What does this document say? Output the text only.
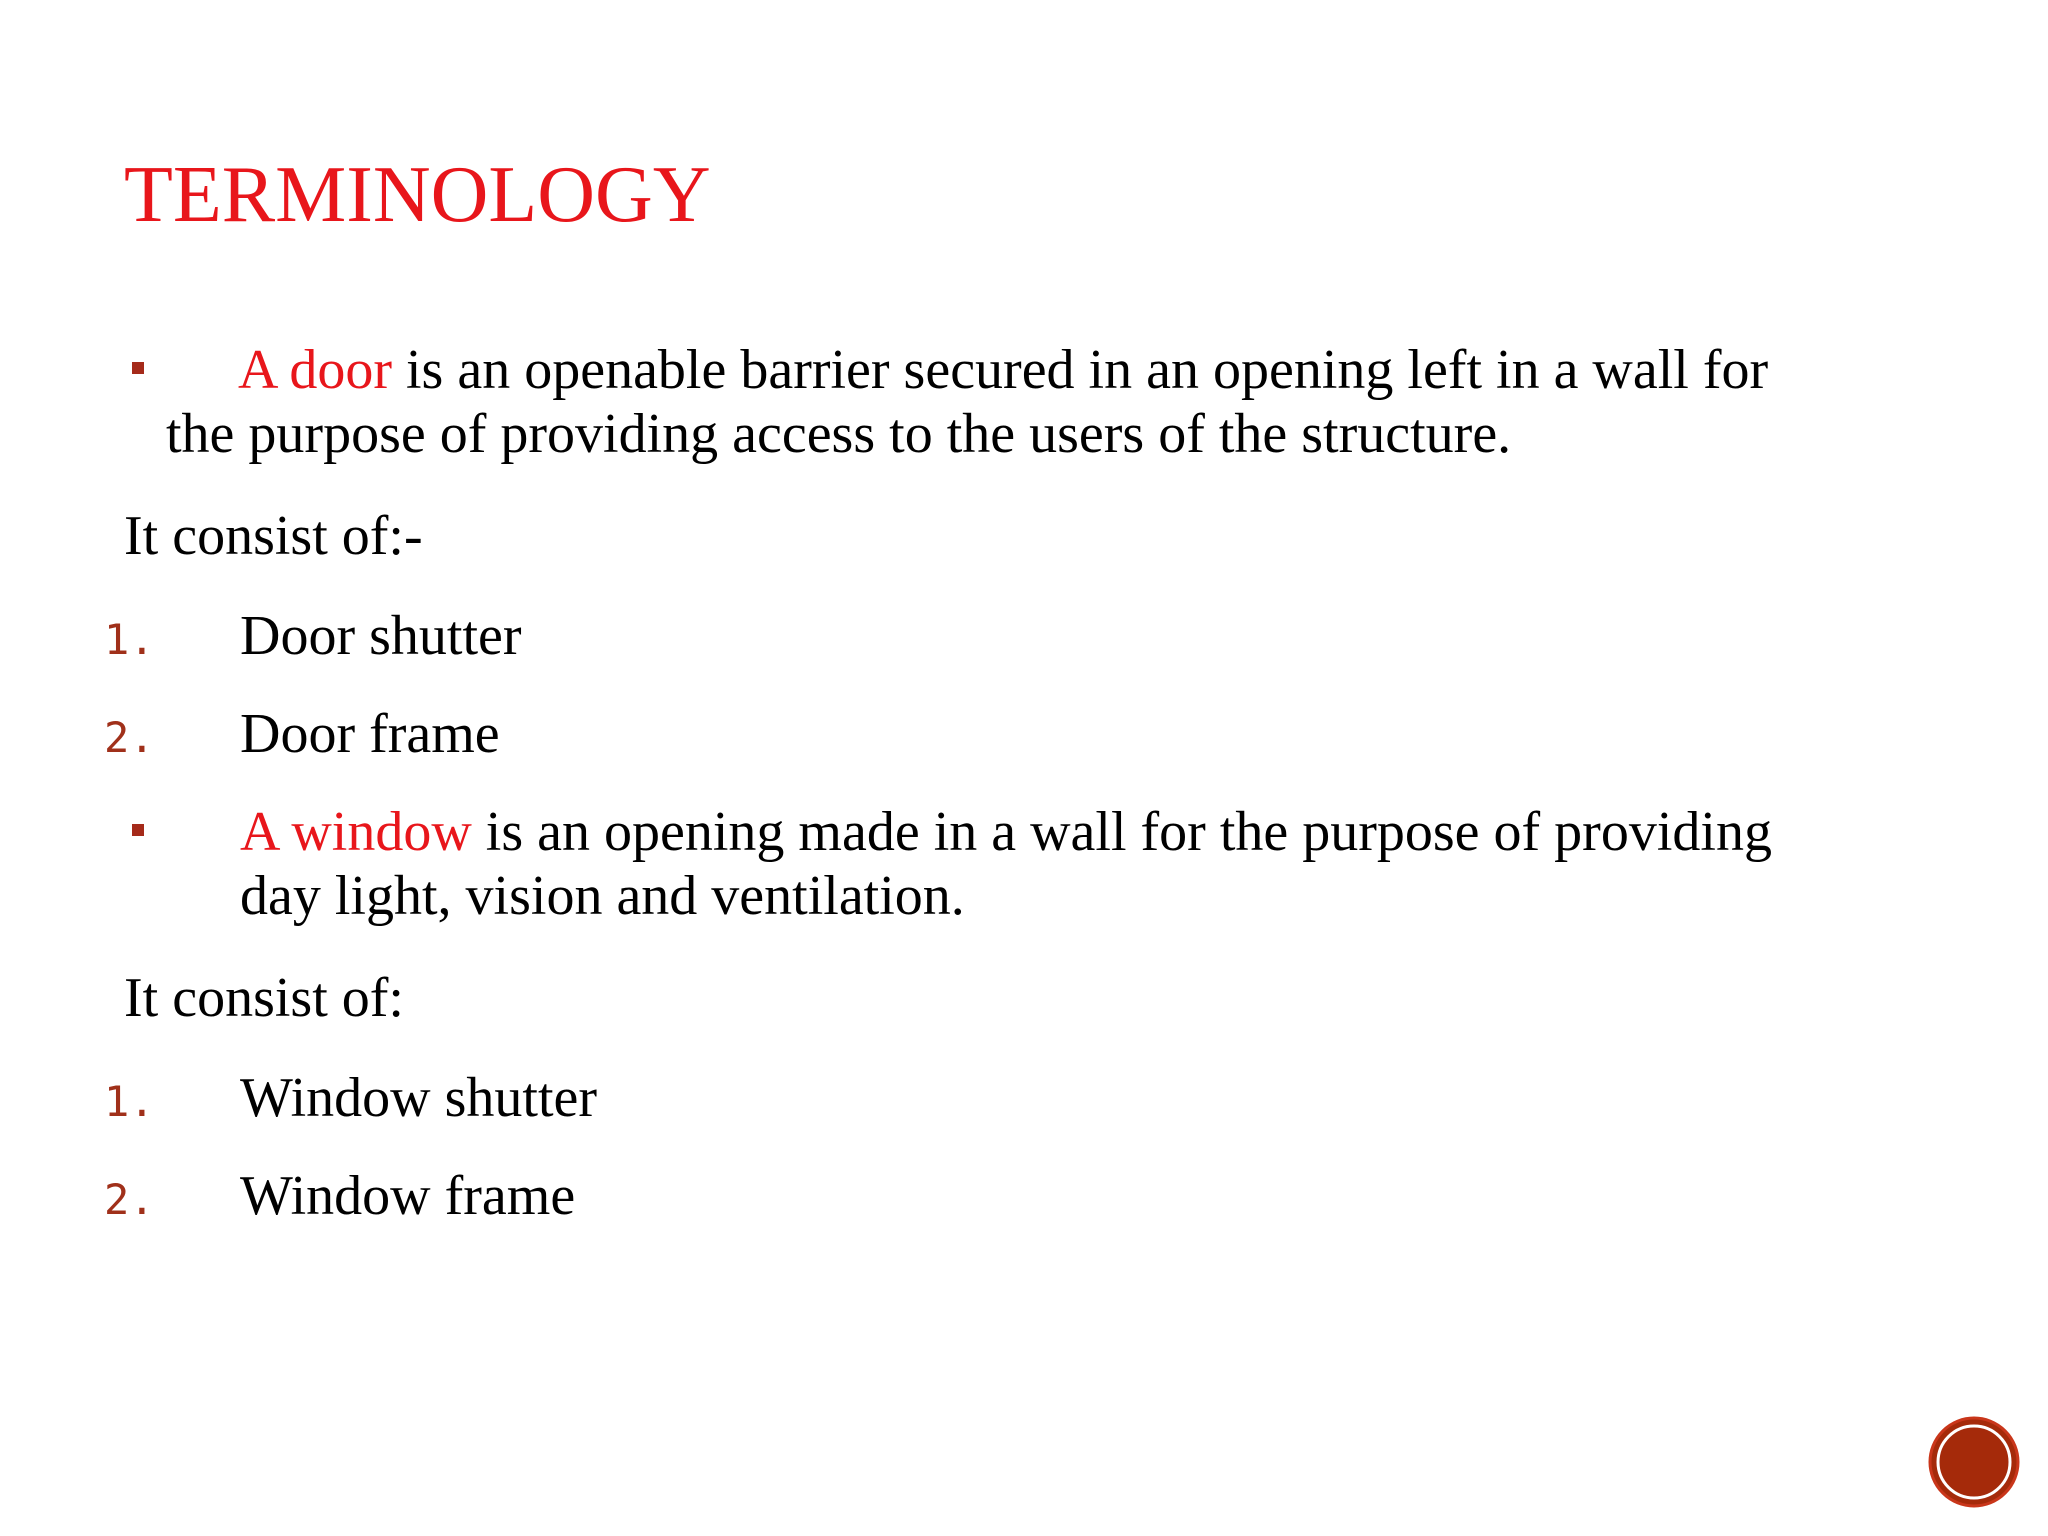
TERMINOLOGY
A door is an openable barrier secured in an opening left in a wall for
the purpose of providing access to the users of the structure.
It consist of:-
1. Door shutter
2. Door frame
A window is an opening made in a wall for the purpose of providing
day light, vision and ventilation.
It consist of:
1. Window shutter
2. Window frame
